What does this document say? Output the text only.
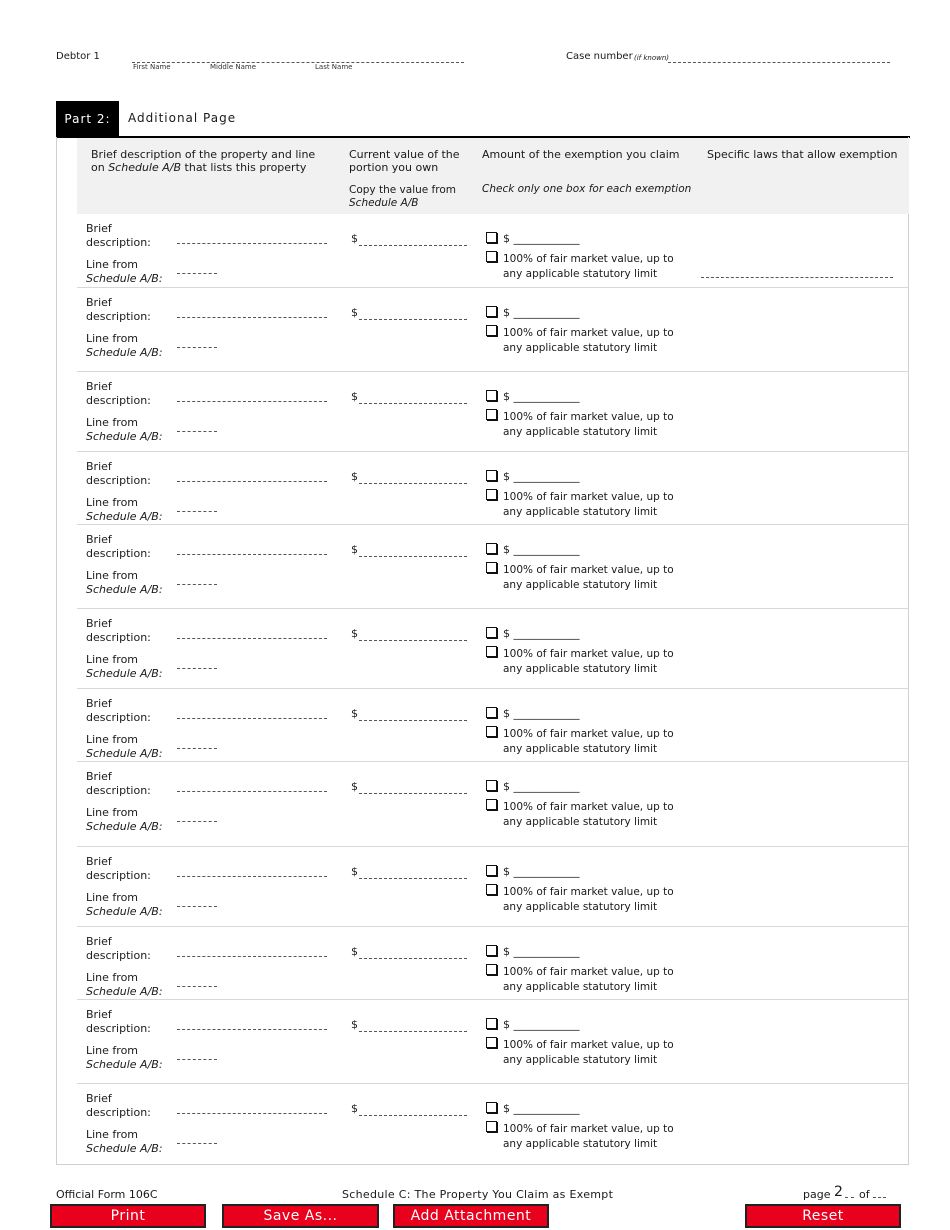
Debtor 1
First Name	Middle Name	Last Name
Case number (if known)
Part 2:	Additional Page
Brief description of the property and line on Schedule A/B that lists this property
Current value of the portion you own
Copy the value from
Schedule A/B
Amount of the exemption you claim
Check only one box for each exemption
Specific laws that allow exemption
Brief description:
Line from
Schedule A/B:
$	$ ____________
100% of fair market value, up to
any applicable statutory limit
Brief description:
Line from
Schedule A/B:
$	$ ____________
100% of fair market value, up to
any applicable statutory limit
Brief description:
Line from
Schedule A/B:
$	$ ____________
100% of fair market value, up to
any applicable statutory limit
Brief description:
Line from
Schedule A/B:
$	$ ____________
100% of fair market value, up to
any applicable statutory limit
Brief description:
Line from
Schedule A/B:
$	$ ____________
100% of fair market value, up to
any applicable statutory limit
Brief description:
Line from
Schedule A/B:
$	$ ____________
100% of fair market value, up to
any applicable statutory limit
Brief description:
Line from
Schedule A/B:
$	$ ____________
100% of fair market value, up to
any applicable statutory limit
Brief description:
Line from
Schedule A/B:
$	$ ____________
100% of fair market value, up to
any applicable statutory limit
Brief description:
Line from
Schedule A/B:
$	$ ____________
100% of fair market value, up to
any applicable statutory limit
Brief description:
Line from
Schedule A/B:
$	$ ____________
100% of fair market value, up to
any applicable statutory limit
Brief description:
Line from
Schedule A/B:
$	$ ____________
100% of fair market value, up to
any applicable statutory limit
Brief description:
Line from
Schedule A/B:
$	$ ____________
100% of fair market value, up to
any applicable statutory limit
Official Form 106C	Schedule C: The Property You Claim as Exempt	page 2 of
Print	Save As...	Add Attachment	Reset
